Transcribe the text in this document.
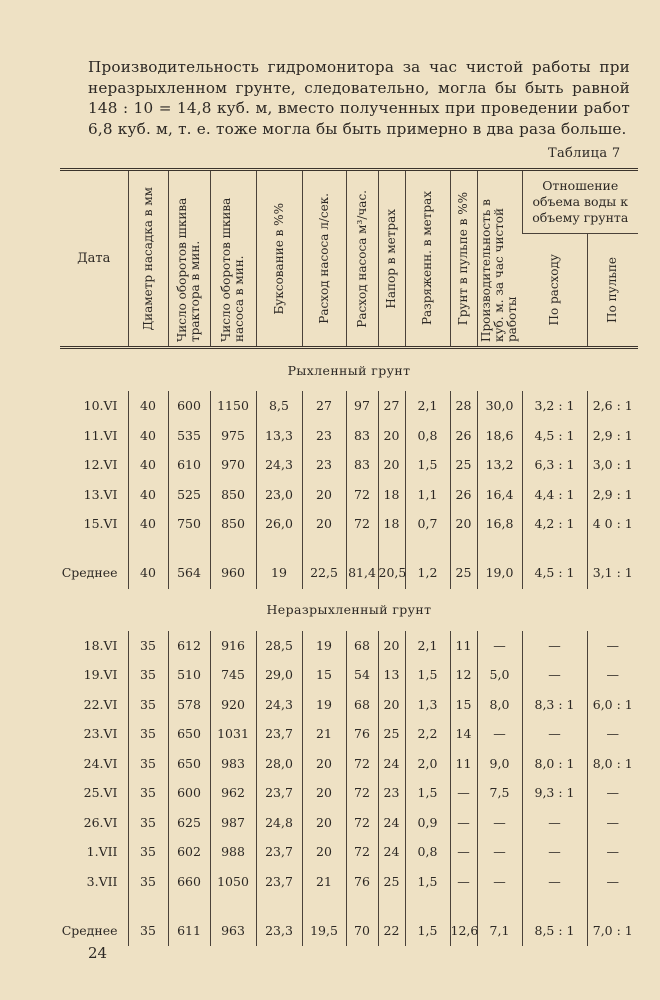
Производительность гидромонитора за час чистой работы при неразрыхленном грунте, следовательно, могла бы быть равной 148 : 10 = 14,8 куб. м, вместо полученных при проведении работ 6,8 куб. м, т. е. тоже могла бы быть примерно в два раза больше.

Таблица 7
Дата	Диаметр насадка в мм	Число оборотов шкива трактора в мин.	Число оборотов шкива насоса в мин.	Буксование в %%	Расход насоса л/сек.	Расход насоса м³/час.	Напор в метрах	Разряженн. в метрах	Грунт в пульпе в %%	Производительность в куб. м. за час чистой работы	Отношение объема воды к объему грунта	

											По расходу	По пульпе

Рыхленный грунт												
10.VI	40	600	1150	8,5	27	97	27	2,1	28	30,0	3,2 : 1	2,6 : 1
11.VI	40	535	975	13,3	23	83	20	0,8	26	18,6	4,5 : 1	2,9 : 1
12.VI	40	610	970	24,3	23	83	20	1,5	25	13,2	6,3 : 1	3,0 : 1
13.VI	40	525	850	23,0	20	72	18	1,1	26	16,4	4,4 : 1	2,9 : 1
15.VI	40	750	850	26,0	20	72	18	0,7	20	16,8	4,2 : 1	4 0 : 1

Среднее	40	564	960	19	22,5	81,4	20,5	1,2	25	19,0	4,5 : 1	3,1 : 1
Неразрыхленный грунт												
18.VI	35	612	916	28,5	19	68	20	2,1	11	—	—	—
19.VI	35	510	745	29,0	15	54	13	1,5	12	5,0	—	—
22.VI	35	578	920	24,3	19	68	20	1,3	15	8,0	8,3 : 1	6,0 : 1
23.VI	35	650	1031	23,7	21	76	25	2,2	14	—	—	—
24.VI	35	650	983	28,0	20	72	24	2,0	11	9,0	8,0 : 1	8,0 : 1
25.VI	35	600	962	23,7	20	72	23	1,5	—	7,5	9,3 : 1	—
26.VI	35	625	987	24,8	20	72	24	0,9	—	—	—	—
1.VII	35	602	988	23,7	20	72	24	0,8	—	—	—	—
3.VII	35	660	1050	23,7	21	76	25	1,5	—	—	—	—

Среднее	35	611	963	23,3	19,5	70	22	1,5	12,6	7,1	8,5 : 1	7,0 : 1
24
